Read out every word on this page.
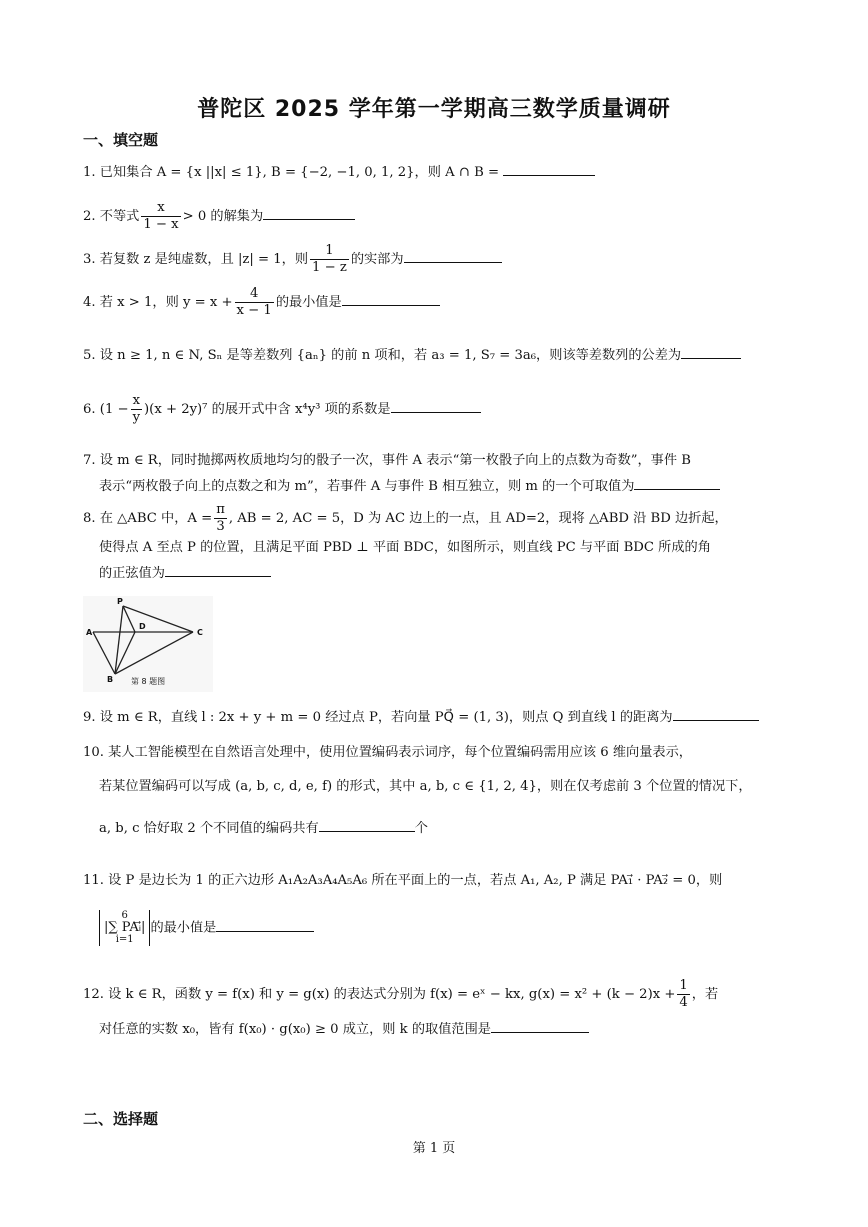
普陀区 2025 学年第一学期高三数学质量调研
一、填空题
1. 已知集合 A = {x ||x| ≤ 1}, B = {−2, −1, 0, 1, 2}，则 A ∩ B =
2. 不等式 $\frac{x}{1 - x} > 0$ 的解集为
3. 若复数 z 是纯虚数，且 |z| = 1，则 $\frac{1}{1 - z}$ 的实部为
4. 若 x > 1，则 $y = x + \frac{4}{x - 1}$ 的最小值是
5. 设 n ≥ 1, n ∈ N, Sₙ 是等差数列 {aₙ} 的前 n 项和，若 a₃ = 1, S₇ = 3a₆，则该等差数列的公差为
6. $(1 - \frac{x}{y} )(x + 2y)^7$ 的展开式中含 x⁴y³ 项的系数是
7. 设 m ∈ R，同时抛掷两枚质地均匀的骰子一次，事件 A 表示“第一枚骰子向上的点数为奇数”，事件 B
表示“两枚骰子向上的点数之和为 m”，若事件 A 与事件 B 相互独立，则 m 的一个可取值为
8. 在 △ABC 中，$A = \frac{\pi}{3}$ , AB = 2, AC = 5，D 为 AC 边上的一点，且 AD=2，现将 △ABD 沿 BD 边折起，
使得点 A 至点 P 的位置，且满足平面 PBD ⊥ 平面 BDC，如图所示，则直线 PC 与平面 BDC 所成的角
的正弦值为
P
A
D
C
B 第 8 题图
9. 设 m ∈ R，直线 l : 2x + y + m = 0 经过点 P，若向量 PQ⃗ = (1, 3)，则点 Q 到直线 l 的距离为
10. 某人工智能模型在自然语言处理中，使用位置编码表示词序，每个位置编码需用应该 6 维向量表示，
若某位置编码可以写成 (a, b, c, d, e, f) 的形式，其中 a, b, c ∈ {1, 2, 4}，则在仅考虑前 3 个位置的情况下，
a, b, c 恰好取 2 个不同值的编码共有	个
11. 设 P 是边长为 1 的正六边形 A₁A₂A₃A₄A₅A₆ 所在平面上的一点，若点 A₁, A₂, P 满足 PA₁⃗ · PA₂⃗ = 0，则
6
|∑ PAᵢ⃗|
i=1
的最小值是
12. 设 k ∈ R，函数 y = f(x) 和 y = g(x) 的表达式分别为 f(x) = eˣ − kx, $g(x) = x^2 + (k - 2)x + \frac{1}{4}$ ，若
对任意的实数 x₀，皆有 f(x₀) · g(x₀) ≥ 0 成立，则 k 的取值范围是
二、选择题
第 1 页
